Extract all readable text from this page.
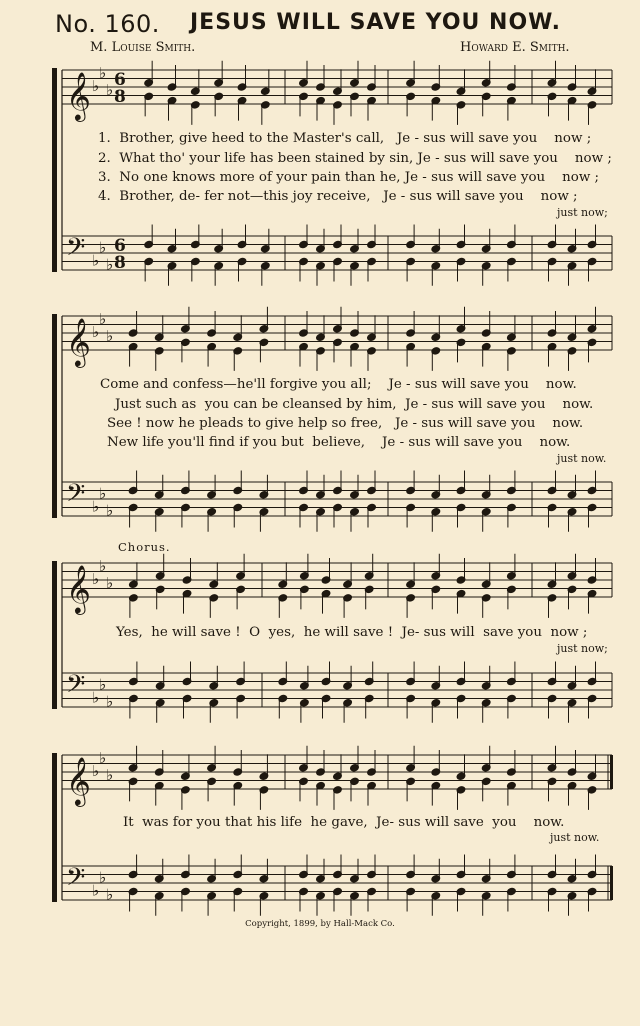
No. 160. JESUS WILL SAVE YOU NOW.
M. Louise Smith.	Howard E. Smith.
𝄞
𝄢
♭
♭
♭
♭
♭
♭
6
8
6
8
𝄞
𝄢
♭
♭
♭
♭
♭
♭
𝄞
𝄢
♭
♭
♭
♭
♭
♭
𝄞
𝄢
♭
♭
♭
♭
♭
♭
1.  Brother, give heed to the Master's call,   Je - sus will save you    now ;
2.  What tho' your life has been stained by sin, Je - sus will save you    now ;
3.  No one knows more of your pain than he, Je - sus will save you    now ;
4.  Brother, de- fer not—this joy receive,   Je - sus will save you    now ;
just now;
Come and confess—he'll forgive you all;    Je - sus will save you    now.
Just such as  you can be cleansed by him,  Je - sus will save you    now.
See ! now he pleads to give help so free,   Je - sus will save you    now.
New life you'll find if you but  believe,    Je - sus will save you    now.
just now.
Chorus.
Yes,  he will save !  O  yes,  he will save !  Je- sus will  save you  now ;
just now;
It  was for you that his life  he gave,  Je- sus will save  you    now.
just now.
Copyright, 1899, by Hall-Mack Co.
